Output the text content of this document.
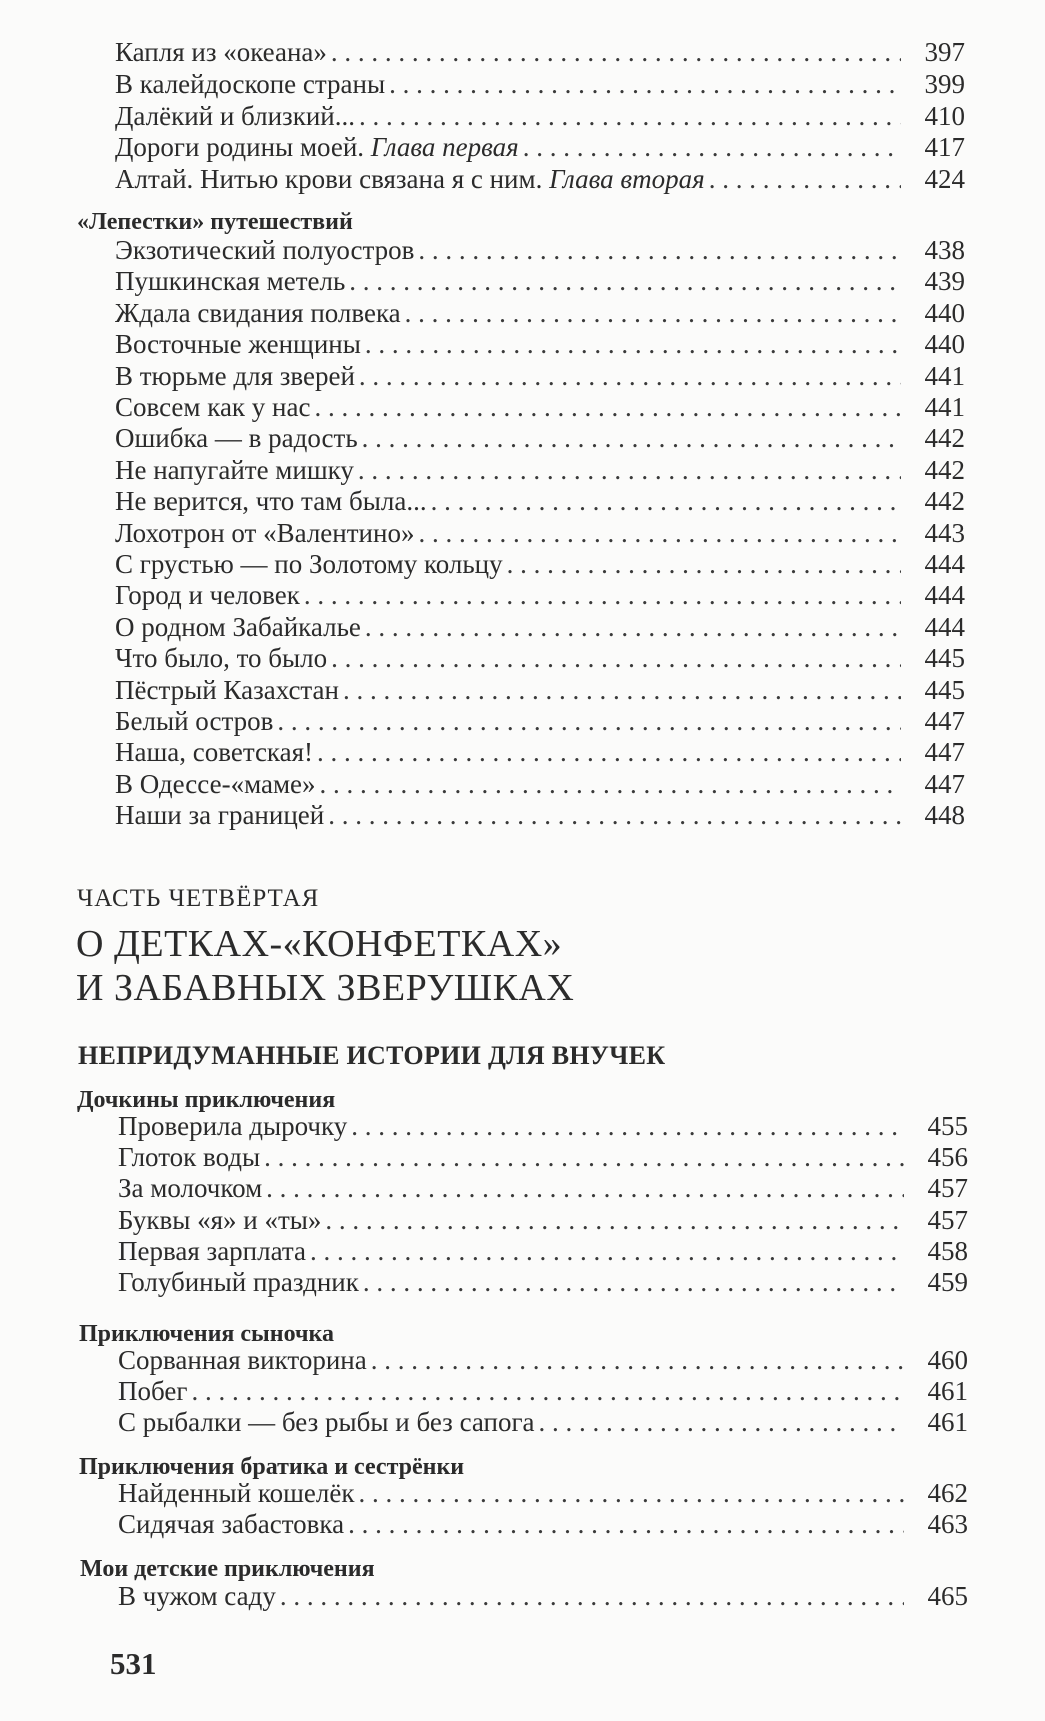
Капля из «океана» . . .	397
В калейдоскопе страны . . .	399
Далёкий и близкий... . . .	410
Дороги родины моей. Глава первая . . .	417
Алтай. Нитью крови связана я с ним. Глава вторая . . .	424
«Лепестки» путешествий
Экзотический полуостров . . .	438
Пушкинская метель . . .	439
Ждала свидания полвека . . .	440
Восточные женщины . . .	440
В тюрьме для зверей . . .	441
Совсем как у нас . . .	441
Ошибка — в радость . . .	442
Не напугайте мишку . . .	442
Не верится, что там была... . . .	442
Лохотрон от «Валентино» . . .	443
С грустью — по Золотому кольцу . . .	444
Город и человек . . .	444
О родном Забайкалье . . .	444
Что было, то было . . .	445
Пёстрый Казахстан . . .	445
Белый остров . . .	447
Наша, советская! . . .	447
В Одессе-«маме» . . .	447
Наши за границей . . .	448
ЧАСТЬ ЧЕТВЁРТАЯ
О ДЕТКАХ-«КОНФЕТКАХ»
И ЗАБАВНЫХ ЗВЕРУШКАХ
НЕПРИДУМАННЫЕ ИСТОРИИ ДЛЯ ВНУЧЕК
Дочкины приключения
Проверила дырочку . . .	455
Глоток воды . . .	456
За молочком . . .	457
Буквы «я» и «ты» . . .	457
Первая зарплата . . .	458
Голубиный праздник . . .	459
Приключения сыночка
Сорванная викторина . . .	460
Побег . . .	461
С рыбалки — без рыбы и без сапога . . .	461
Приключения братика и сестрёнки
Найденный кошелёк . . .	462
Сидячая забастовка . . .	463
Мои детские приключения
В чужом саду . . .	465
531
